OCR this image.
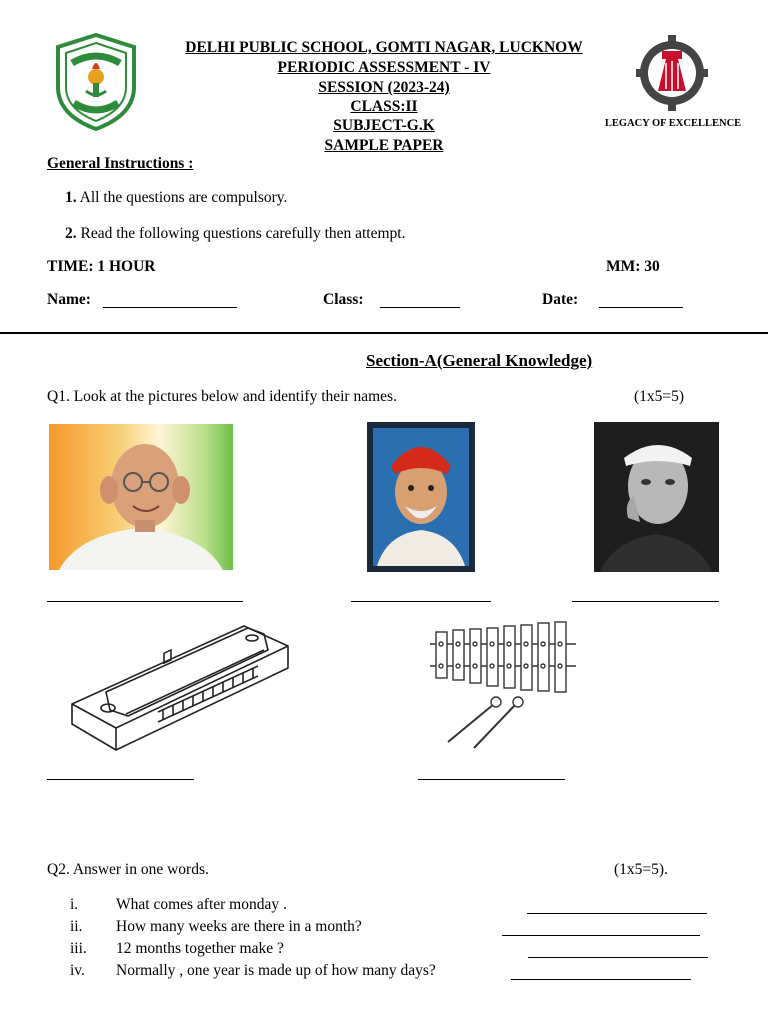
DELHI PUBLIC SCHOOL, GOMTI NAGAR, LUCKNOW
PERIODIC ASSESSMENT - IV
SESSION (2023-24)
CLASS:II
SUBJECT-G.K
SAMPLE PAPER
LEGACY OF EXCELLENCE
General Instructions :
1. All the questions are compulsory.
2. Read the following questions carefully then attempt.
TIME: 1 HOUR	MM: 30
Name:	Class:	Date:
Section-A(General Knowledge)
Q1. Look at the pictures below and identify their names.	(1x5=5)
Q2. Answer in one words.	(1x5=5).
i. What comes after monday .
ii. How many weeks are there in a month?
iii. 12 months together make ?
iv. Normally , one year is made up of how many days?
